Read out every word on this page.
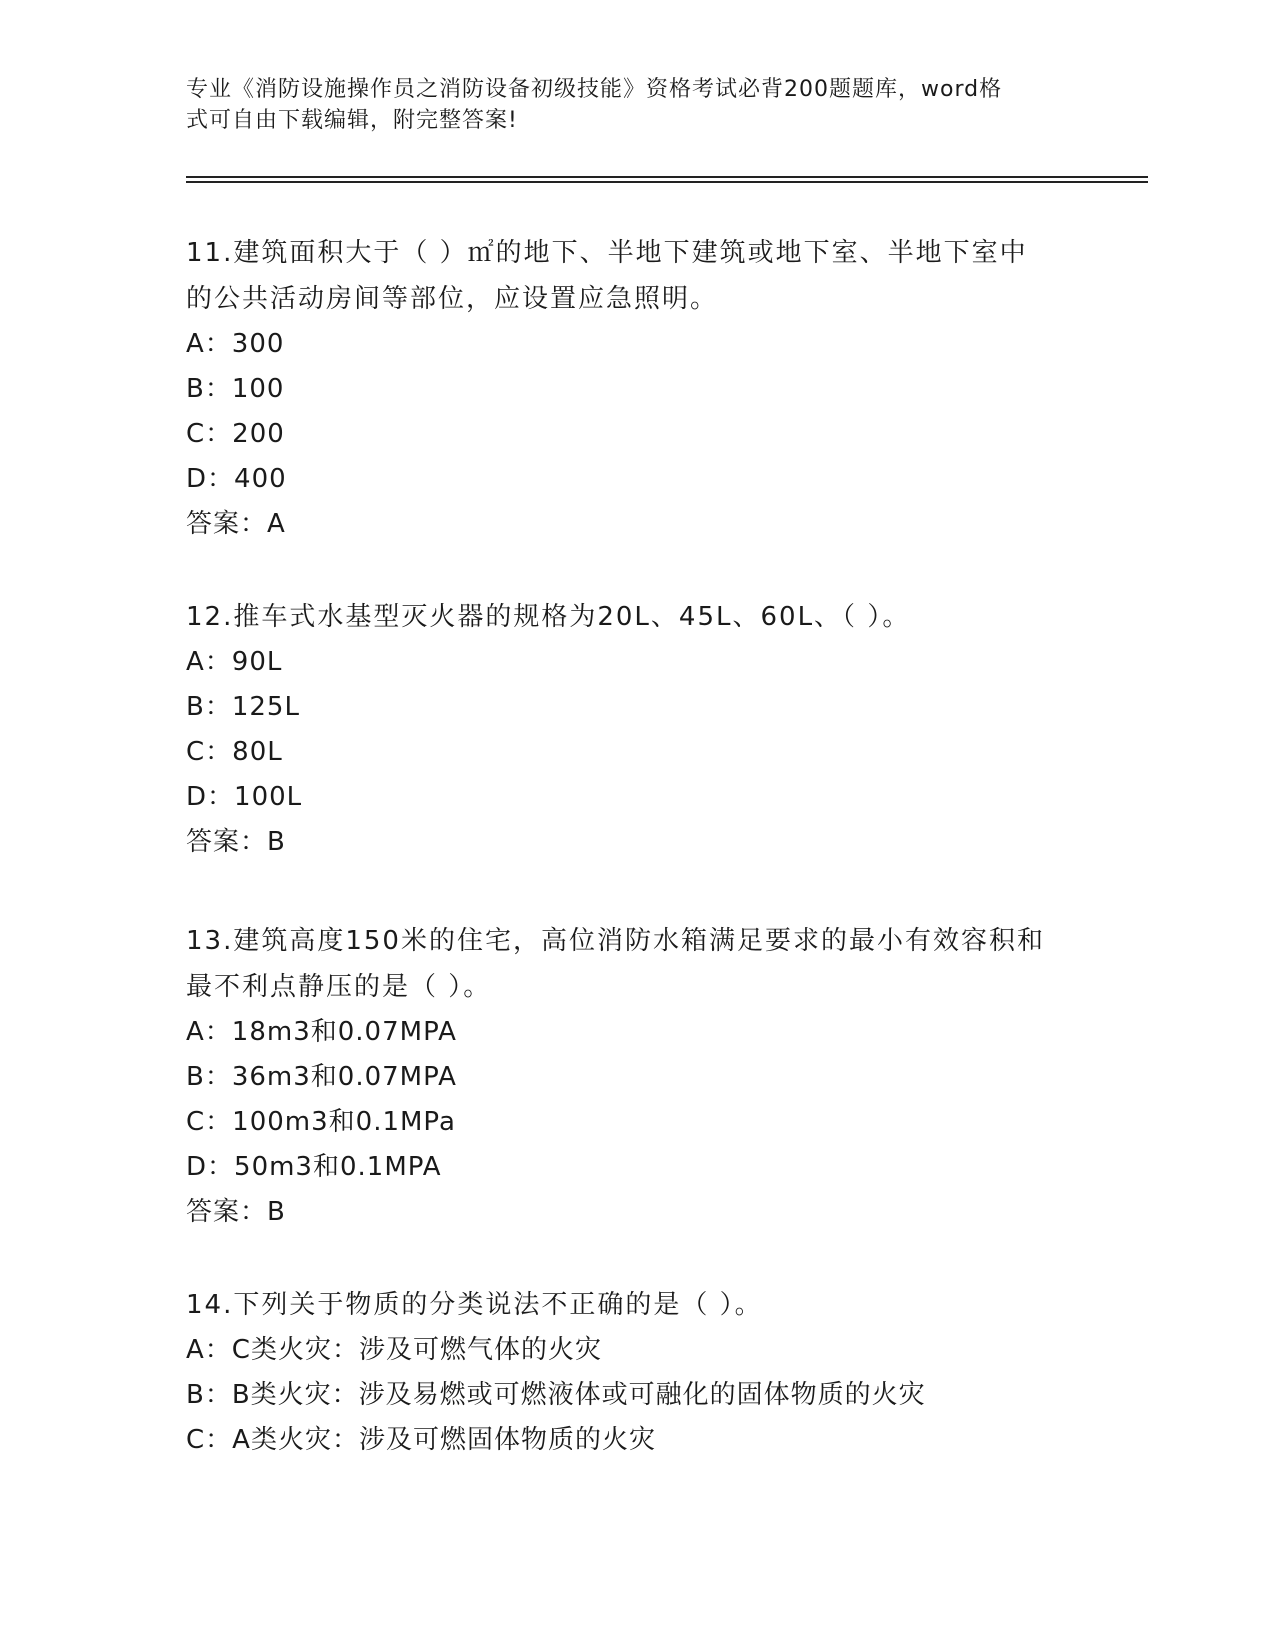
专业《消防设施操作员之消防设备初级技能》资格考试必背200题题库，word格
式可自由下载编辑，附完整答案!
11.建筑面积大于（ ）㎡的地下、半地下建筑或地下室、半地下室中
的公共活动房间等部位，应设置应急照明。
A：300
B：100
C：200
D：400
答案：A
12.推车式水基型灭火器的规格为20L、45L、60L、（ ）。
A：90L
B：125L
C：80L
D：100L
答案：B
13.建筑高度150米的住宅，高位消防水箱满足要求的最小有效容积和
最不利点静压的是（ ）。
A：18m3和0.07MPA
B：36m3和0.07MPA
C：100m3和0.1MPa
D：50m3和0.1MPA
答案：B
14.下列关于物质的分类说法不正确的是（ ）。
A：C类火灾：涉及可燃气体的火灾
B：B类火灾：涉及易燃或可燃液体或可融化的固体物质的火灾
C：A类火灾：涉及可燃固体物质的火灾
